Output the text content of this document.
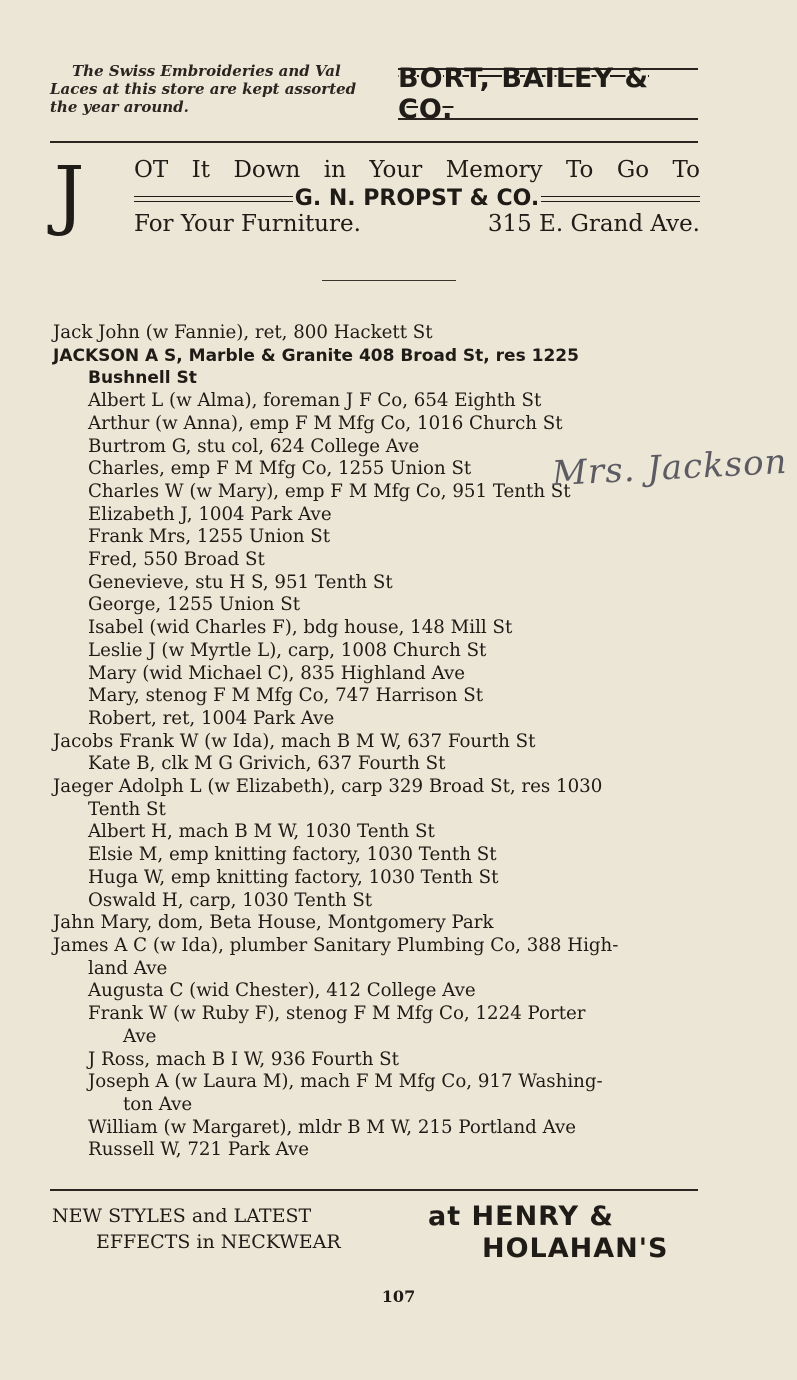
The Swiss Embroideries and Val
Laces at this store are kept assorted
the year around.
BORT, BAILEY & CO.
J OT It Down in Your Memory To Go To
G. N. PROPST & CO.
For Your Furniture.	315 E. Grand Ave.
Jack John (w Fannie), ret, 800 Hackett St
JACKSON A S, Marble & Granite 408 Broad St, res 1225
Bushnell St
Albert L (w Alma), foreman J F Co, 654 Eighth St
Arthur (w Anna), emp F M Mfg Co, 1016 Church St
Burtrom G, stu col, 624 College Ave
Charles, emp F M Mfg Co, 1255 Union St
Charles W (w Mary), emp F M Mfg Co, 951 Tenth St
Elizabeth J, 1004 Park Ave
Frank Mrs, 1255 Union St
Fred, 550 Broad St
Genevieve, stu H S, 951 Tenth St
George, 1255 Union St
Isabel (wid Charles F), bdg house, 148 Mill St
Leslie J (w Myrtle L), carp, 1008 Church St
Mary (wid Michael C), 835 Highland Ave
Mary, stenog F M Mfg Co, 747 Harrison St
Robert, ret, 1004 Park Ave
Jacobs Frank W (w Ida), mach B M W, 637 Fourth St
Kate B, clk M G Grivich, 637 Fourth St
Jaeger Adolph L (w Elizabeth), carp 329 Broad St, res 1030
Tenth St
Albert H, mach B M W, 1030 Tenth St
Elsie M, emp knitting factory, 1030 Tenth St
Huga W, emp knitting factory, 1030 Tenth St
Oswald H, carp, 1030 Tenth St
Jahn Mary, dom, Beta House, Montgomery Park
James A C (w Ida), plumber Sanitary Plumbing Co, 388 High-
land Ave
Augusta C (wid Chester), 412 College Ave
Frank W (w Ruby F), stenog F M Mfg Co, 1224 Porter
Ave
J Ross, mach B I W, 936 Fourth St
Joseph A (w Laura M), mach F M Mfg Co, 917 Washing-
ton Ave
William (w Margaret), mldr B M W, 215 Portland Ave
Russell W, 721 Park Ave
Mrs. Jackson
NEW STYLES and LATEST
EFFECTS in NECKWEAR
at HENRY &
HOLAHAN'S
107
